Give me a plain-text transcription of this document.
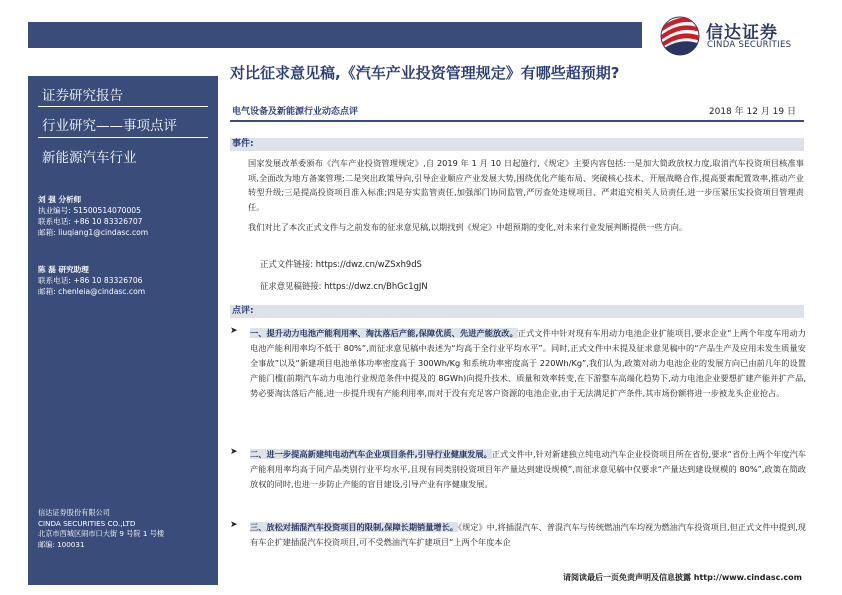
信达证券
CINDA SECURITIES
证券研究报告
行业研究——事项点评
新能源汽车行业
刘 强 分析师
执业编号: S1500514070005
联系电话: +86 10 83326707
邮箱: liuqiang1@cindasc.com
陈 磊 研究助理
联系电话: +86 10 83326706
邮箱: chenleia@cindasc.com
信达证券股份有限公司
CINDA SECURITIES CO.,LTD
北京市西城区闹市口大街 9 号院 1 号楼
邮编: 100031
对比征求意见稿,《汽车产业投资管理规定》有哪些超预期?
电气设备及新能源行业动态点评	2018 年 12 月 19 日
事件:
国家发展改革委颁布《汽车产业投资管理规定》,自 2019 年 1 月 10 日起施行,《规定》主要内容包括:一是加大简政放权力度,取消汽车投资项目核准事项,全面改为地方备案管理;二是突出政策导向,引导企业顺应产业发展大势,围绕优化产能布局、突破核心技术、开展战略合作,提高要素配置效率,推动产业转型升级;三是提高投资项目准入标准;四是夯实监管责任,加强部门协同监管,严厉查处违规项目、严肃追究相关人员责任,进一步压紧压实投资项目管理责任。
我们对比了本次正式文件与之前发布的征求意见稿,以期找到《规定》中超预期的变化,对未来行业发展判断提供一些方向。
正式文件链接: https://dwz.cn/wZSxh9dS
征求意见稿链接: https://dwz.cn/BhGc1gJN
点评:
➤ 一、提升动力电池产能利用率、淘汰落后产能,保障优质、先进产能放改。正式文件中针对现有车用动力电池企业扩能项目,要求企业“上两个年度车用动力电池产能利用率均不低于 80%”,而征求意见稿中表述为“均高于全行业平均水平”。同时,正式文件中未提及征求意见稿中的“产品生产及应用未发生质量安全事故”以及“新建项目电池单体功率密度高于 300Wh/Kg 和系统功率密度高于 220Wh/Kg”,我们认为,政策对动力电池企业的发展方向已由前几年的设置产能门槛(前期汽车动力电池行业规范条件中提及的 8GWh)向提升技术、质量和效率转变,在下游整车高端化趋势下,动力电池企业要想扩建产能并扩产品,势必要淘汰落后产能,进一步提升现有产能利用率,而对于没有充足客户资源的电池企业,由于无法满足扩产条件,其市场份额将进一步被龙头企业抢占。
➤ 二、进一步提高新建纯电动汽车企业项目条件,引导行业健康发展。正式文件中,针对新建独立纯电动汽车企业投资项目所在省份,要求“省份上两个年度汽车产能利用率均高于同产品类别行业平均水平,且现有同类别投资项目年产量达到建设规模”,而征求意见稿中仅要求“产量达到建设规模的 80%”,政策在简政放权的同时,也进一步防止产能的盲目建设,引导产业有序健康发展。
➤ 三、放松对插混汽车投资项目的限制,保障长期销量增长。《规定》中,将插混汽车、普混汽车与传统燃油汽车均视为燃油汽车投资项目,但正式文件中提到,现有车企扩建插混汽车投资项目,可不受燃油汽车扩建项目“上两个年度本企
请阅读最后一页免责声明及信息披露 http://www.cindasc.com
